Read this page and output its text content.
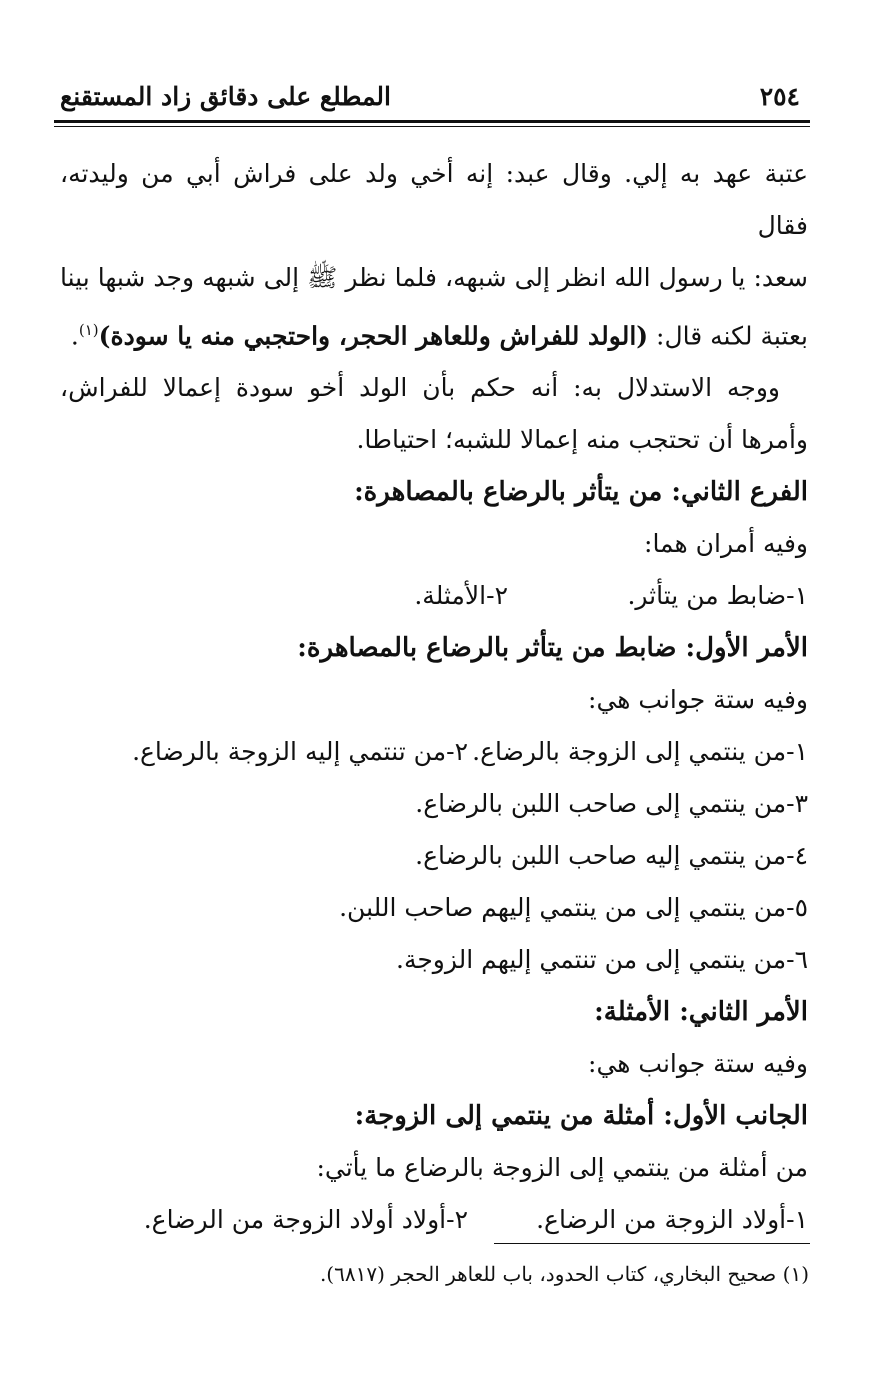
٢٥٤
المطلع على دقائق زاد المستقنع

عتبة عهد به إلي. وقال عبد: إنه أخي ولد على فراش أبي من وليدته، فقال

سعد: يا رسول الله انظر إلى شبهه، فلما نظر ﷺ إلى شبهه وجد شبها بينا

بعتبة لكنه قال: (الولد للفراش وللعاهر الحجر، واحتجبي منه يا سودة)$^{(١)}$.

ووجه الاستدلال به: أنه حكم بأن الولد أخو سودة إعمالا للفراش،

وأمرها أن تحتجب منه إعمالا للشبه؛ احتياطا.

الفرع الثاني: من يتأثر بالرضاع بالمصاهرة:

وفيه أمران هما:

١-ضابط من يتأثر.
٢-الأمثلة.

الأمر الأول: ضابط من يتأثر بالرضاع بالمصاهرة:

وفيه ستة جوانب هي:

١-من ينتمي إلى الزوجة بالرضاع.
٢-من تنتمي إليه الزوجة بالرضاع.

٣-من ينتمي إلى صاحب اللبن بالرضاع.

٤-من ينتمي إليه صاحب اللبن بالرضاع.

٥-من ينتمي إلى من ينتمي إليهم صاحب اللبن.

٦-من ينتمي إلى من تنتمي إليهم الزوجة.

الأمر الثاني: الأمثلة:

وفيه ستة جوانب هي:

الجانب الأول: أمثلة من ينتمي إلى الزوجة:

من أمثلة من ينتمي إلى الزوجة بالرضاع ما يأتي:

١-أولاد الزوجة من الرضاع.
٢-أولاد أولاد الزوجة من الرضاع.
(١) صحيح البخاري، كتاب الحدود، باب للعاهر الحجر (٦٨١٧).
